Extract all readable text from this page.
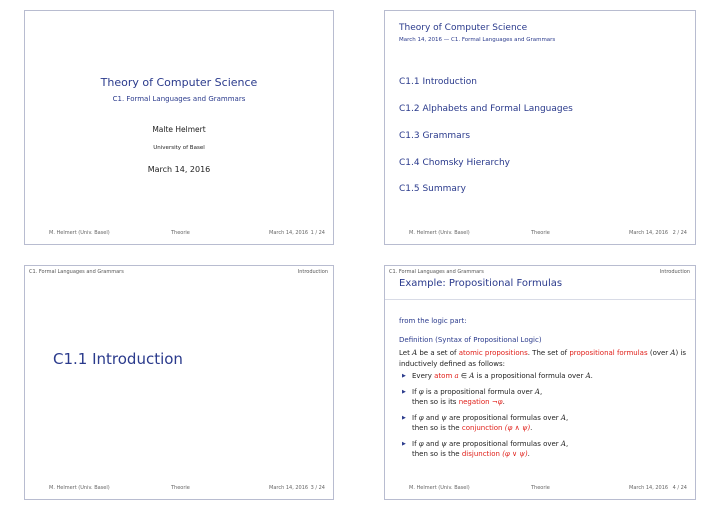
Theory of Computer Science
C1. Formal Languages and Grammars
Malte Helmert
University of Basel
March 14, 2016
M. Helmert (Univ. Basel)	Theorie	March 14, 2016 1 / 24
Theory of Computer Science
March 14, 2016 — C1. Formal Languages and Grammars
C1.1 Introduction
C1.2 Alphabets and Formal Languages
C1.3 Grammars
C1.4 Chomsky Hierarchy
C1.5 Summary
M. Helmert (Univ. Basel)	Theorie	March 14, 2016 2 / 24
C1. Formal Languages and Grammars	Introduction
C1.1 Introduction
M. Helmert (Univ. Basel)	Theorie	March 14, 2016 3 / 24
C1. Formal Languages and Grammars	Introduction
Example: Propositional Formulas
from the logic part:
Definition (Syntax of Propositional Logic)
Let A be a set of atomic propositions. The set of propositional formulas (over A) is inductively defined as follows:
▶ Every atom a ∈ A is a propositional formula over A.
▶ If φ is a propositional formula over A,
then so is its negation ¬φ.
▶ If φ and ψ are propositional formulas over A,
then so is the conjunction (φ ∧ ψ).
▶ If φ and ψ are propositional formulas over A,
then so is the disjunction (φ ∨ ψ).
M. Helmert (Univ. Basel)	Theorie	March 14, 2016 4 / 24
